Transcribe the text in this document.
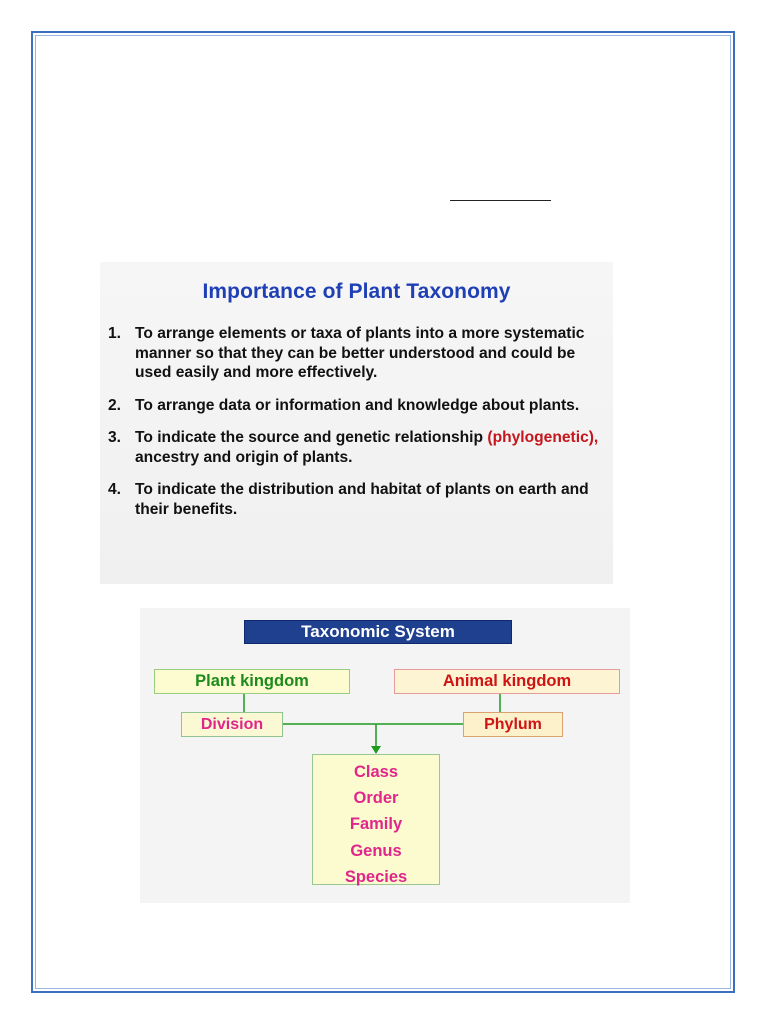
Importance of Plant Taxonomy
1. To arrange elements or taxa of plants into a more systematic manner so that they can be better understood and could be used easily and more effectively.
2. To arrange data or information and knowledge about plants.
3. To indicate the source and genetic relationship (phylogenetic), ancestry and origin of plants.
4. To indicate the distribution and habitat of plants on earth and their benefits.
Taxonomic System
Plant kingdom	Animal kingdom
Division	Phylum
Class
Order
Family
Genus
Species
